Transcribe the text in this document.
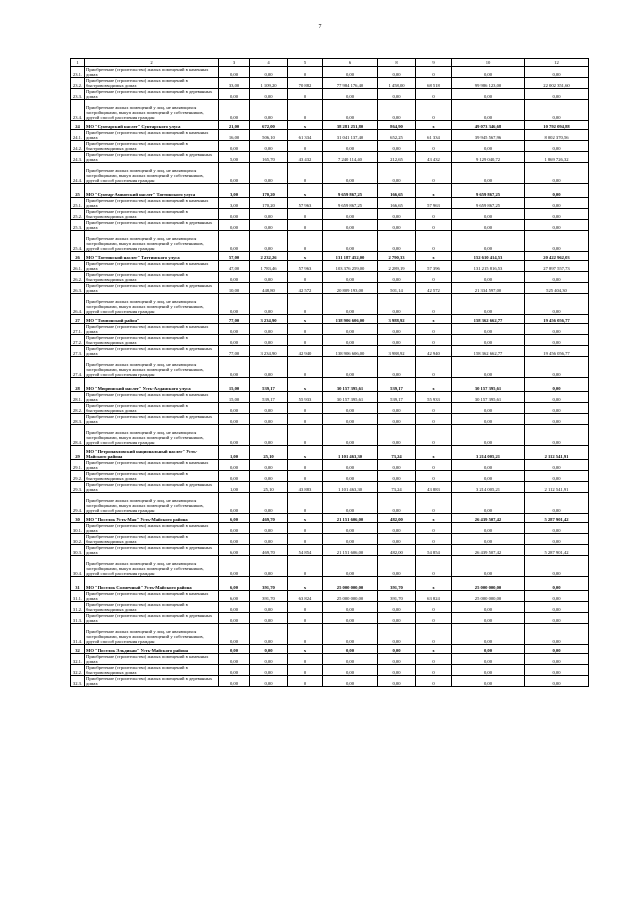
7
1	2	3	4	5	6	8	9	10	12
23.1.	Приобретение (строительство) жилых помещений в каменных домах	0,00	0,00	0	0,00	0,00	0	0,00	0,00
23.2.	Приобретение (строительство) жилых помещений в быстровозводимых домах	33,00	1 109,20	70 882	77 984 176,40	1 458,00	68 518	99 986 123,00	22 002 351,60
23.3.	Приобретение (строительство) жилых помещений в деревянных домах	0,00	0,00	0	0,00	0,00	0	0,00	0,00
23.4.	Приобретение жилых помещений у лиц, не являющихся застройщиками, выкуп жилых помещений у собственников, другой способ расселения граждан	0,00	0,00	0	0,00	0,00	0	0,00	0,00
24	МО "Сунтарский наслег" Сунтарского улуса	21,00	672,00	x	38 281 251,80	864,90	x	49 073 346,68	10 792 094,88
24.1.	Приобретение (строительство) жилых помещений в каменных домах	16,00	506,10	61 334	31 041 137,40	652,25	61 334	39 945 567,96	8 002 370,56
24.2.	Приобретение (строительство) жилых помещений в быстровозводимых домах	0,00	0,00	0	0,00	0,00	0	0,00	0,00
24.3.	Приобретение (строительство) жилых помещений в деревянных домах	5,00	165,70	43 432	7 240 114,40	212,65	43 432	9 129 040,72	1 869 726,32
24.4.	Приобретение жилых помещений у лиц, не являющихся застройщиками, выкуп жилых помещений у собственников, другой способ расселения граждан	0,00	0,00	0	0,00	0,00	0	0,00	0,00
25	МО "Сунтар-Ампатский наслег" Таттинского улуса	3,00	170,20	x	9 659 867,25	166,65	x	9 659 867,25	0,00
25.1.	Приобретение (строительство) жилых помещений в каменных домах	3,00	170,20	57 963	9 659 867,25	166,65	57 963	9 659 867,25	0,00
25.2.	Приобретение (строительство) жилых помещений в быстровозводимых домах	0,00	0,00	0	0,00	0,00	0	0,00	0,00
25.3.	Приобретение (строительство) жилых помещений в деревянных домах	0,00	0,00	0	0,00	0,00	0	0,00	0,00
25.4.	Приобретение жилых помещений у лиц, не являющихся застройщиками, выкуп жилых помещений у собственников, другой способ расселения граждан	0,00	0,00	0	0,00	0,00	0	0,00	0,00
26	МО "Таттинский наслег" Таттинского улуса	57,00	2 232,26	x	131 187 452,00	2 790,33	x	152 610 414,53	20 422 962,03
26.1.	Приобретение (строительство) жилых помещений в каменных домах	47,00	1 783,46	57 963	103 376 259,00	2 289,19	57 396	131 215 816,53	27 897 557,73
26.2.	Приобретение (строительство) жилых помещений в быстровозводимых домах	0,00	0,00	0	0,00	0,00	0	0,00	0,00
26.3.	Приобретение (строительство) жилых помещений в деревянных домах	10,00	448,80	42 572	20 809 193,00	501,14	42 572	21 334 597,00	525 404,30
26.4.	Приобретение жилых помещений у лиц, не являющихся застройщиками, выкуп жилых помещений у собственников, другой способ расселения граждан	0,00	0,00	0	0,00	0,00	0	0,00	0,00
27	МО "Томпонский район"	77,00	3 234,90	x	138 906 606,00	3 988,92	x	158 362 662,77	19 456 056,77
27.1.	Приобретение (строительство) жилых помещений в каменных домах	0,00	0,00	0	0,00	0,00	0	0,00	0,00
27.2.	Приобретение (строительство) жилых помещений в быстровозводимых домах	0,00	0,00	0	0,00	0,00	0	0,00	0,00
27.3.	Приобретение (строительство) жилых помещений в деревянных домах	77,00	3 234,90	42 940	138 906 606,00	3 988,92	42 940	158 362 662,77	19 456 056,77
27.4.	Приобретение жилых помещений у лиц, не являющихся застройщиками, выкуп жилых помещений у собственников, другой способ расселения граждан	0,00	0,00	0	0,00	0,00	0	0,00	0,00
28	МО "Мюрюнский наслег" Усть-Алданского улуса	15,00	539,17	x	30 157 395,61	539,17	x	30 157 395,61	0,00
28.1.	Приобретение (строительство) жилых помещений в каменных домах	15,00	539,17	55 933	30 157 395,61	539,17	55 933	30 157 395,61	0,00
28.2.	Приобретение (строительство) жилых помещений в быстровозводимых домах	0,00	0,00	0	0,00	0,00	0	0,00	0,00
28.3.	Приобретение (строительство) жилых помещений в деревянных домах	0,00	0,00	0	0,00	0,00	0	0,00	0,00
28.4.	Приобретение жилых помещений у лиц, не являющихся застройщиками, выкуп жилых помещений у собственников, другой способ расселения граждан	0,00	0,00	0	0,00	0,00	0	0,00	0,00
29	МО "Петропавловский национальный наслег" Усть-Майского района	1,00	25,10	x	1 101 463,30	73,24	x	3 214 005,21	2 112 541,91
29.1.	Приобретение (строительство) жилых помещений в каменных домах	0,00	0,00	0	0,00	0,00	0	0,00	0,00
29.2.	Приобретение (строительство) жилых помещений в быстровозводимых домах	0,00	0,00	0	0,00	0,00	0	0,00	0,00
29.3.	Приобретение (строительство) жилых помещений в деревянных домах	1,00	25,10	43 883	1 101 463,30	73,24	43 883	3 214 005,21	2 112 541,91
29.4.	Приобретение жилых помещений у лиц, не являющихся застройщиками, выкуп жилых помещений у собственников, другой способ расселения граждан	0,00	0,00	0	0,00	0,00	0	0,00	0,00
30	МО "Поселок Усть-Мая" Усть-Майского района	6,00	469,70	x	21 151 606,00	482,00	x	26 439 507,42	5 287 901,42
30.1.	Приобретение (строительство) жилых помещений в каменных домах	0,00	0,00	0	0,00	0,00	0	0,00	0,00
30.2.	Приобретение (строительство) жилых помещений в быстровозводимых домах	0,00	0,00	0	0,00	0,00	0	0,00	0,00
30.3.	Приобретение (строительство) жилых помещений в деревянных домах	6,00	469,70	54 854	21 151 606,00	482,00	54 854	26 439 507,42	5 287 901,42
30.4.	Приобретение жилых помещений у лиц, не являющихся застройщиками, выкуп жилых помещений у собственников, другой способ расселения граждан	0,00	0,00	0	0,00	0,00	0	0,00	0,00
31	МО "Поселок Солнечный" Усть-Майского района	6,00	391,70	x	25 000 000,00	391,70	x	25 000 000,00	0,00
31.1.	Приобретение (строительство) жилых помещений в каменных домах	6,00	391,70	63 824	25 000 000,00	391,70	63 824	25 000 000,00	0,00
31.2.	Приобретение (строительство) жилых помещений в быстровозводимых домах	0,00	0,00	0	0,00	0,00	0	0,00	0,00
31.3.	Приобретение (строительство) жилых помещений в деревянных домах	0,00	0,00	0	0,00	0,00	0	0,00	0,00
31.4.	Приобретение жилых помещений у лиц, не являющихся застройщиками, выкуп жилых помещений у собственников, другой способ расселения граждан	0,00	0,00	0	0,00	0,00	0	0,00	0,00
32	МО "Поселок Эльдикан" Усть-Майского района	0,00	0,00	x	0,00	0,00	x	0,00	0,00
32.1.	Приобретение (строительство) жилых помещений в каменных домах	0,00	0,00	0	0,00	0,00	0	0,00	0,00
32.2.	Приобретение (строительство) жилых помещений в быстровозводимых домах	0,00	0,00	0	0,00	0,00	0	0,00	0,00
32.3.	Приобретение (строительство) жилых помещений в деревянных домах	0,00	0,00	0	0,00	0,00	0	0,00	0,00
